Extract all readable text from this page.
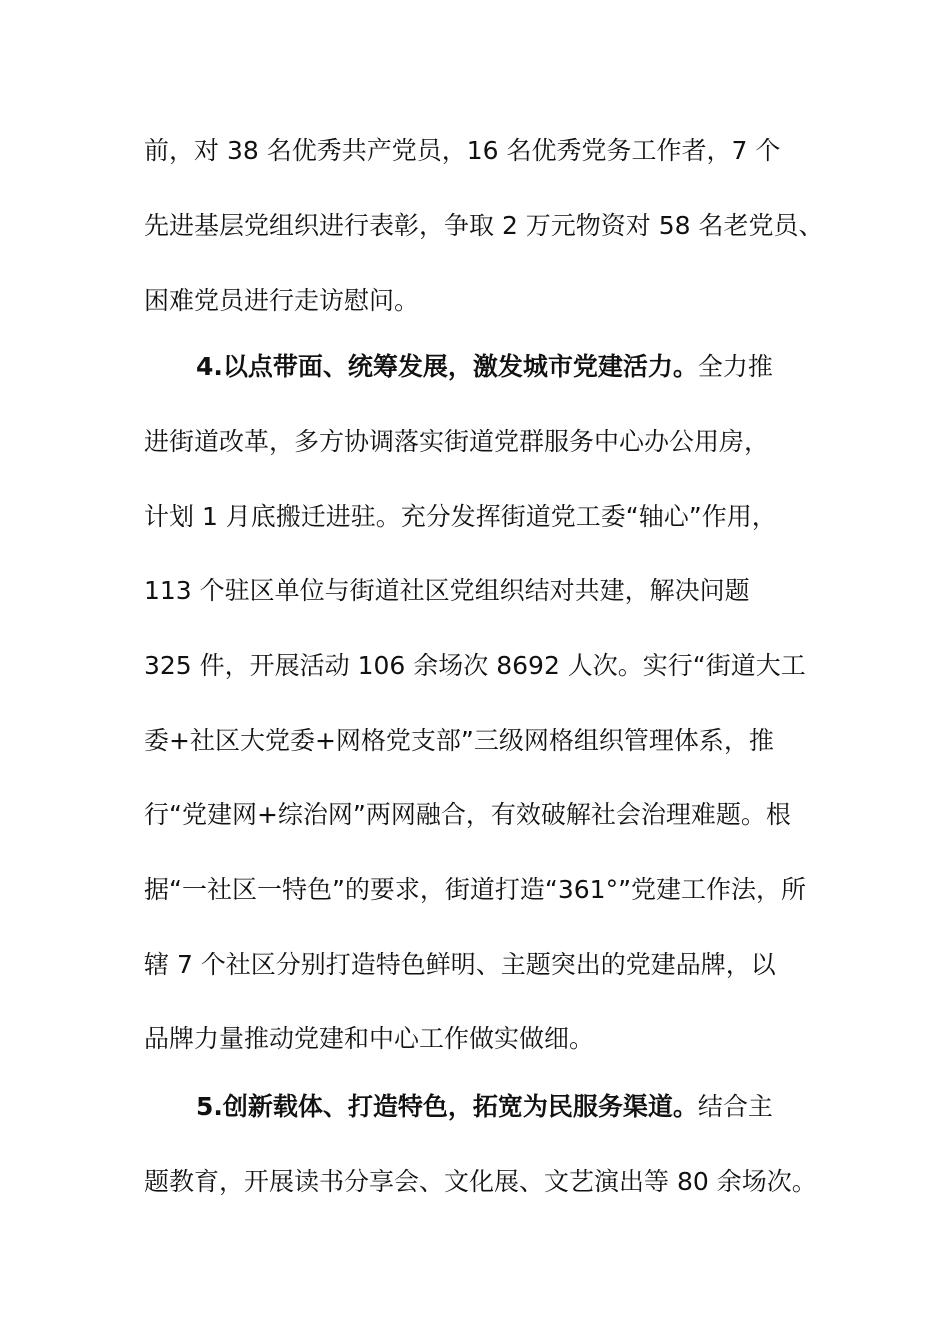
前，对 38 名优秀共产党员，16 名优秀党务工作者，7 个
先进基层党组织进行表彰，争取 2 万元物资对 58 名老党员、
困难党员进行走访慰问。
4.以点带面、统筹发展，激发城市党建活力。全力推
进街道改革，多方协调落实街道党群服务中心办公用房，
计划 1 月底搬迁进驻。充分发挥街道党工委“轴心”作用，
113 个驻区单位与街道社区党组织结对共建，解决问题
325 件，开展活动 106 余场次 8692 人次。实行“街道大工
委+社区大党委+网格党支部”三级网格组织管理体系，推
行“党建网+综治网”两网融合，有效破解社会治理难题。根
据“一社区一特色”的要求，街道打造“361°”党建工作法，所
辖 7 个社区分别打造特色鲜明、主题突出的党建品牌，以
品牌力量推动党建和中心工作做实做细。
5.创新载体、打造特色，拓宽为民服务渠道。结合主
题教育，开展读书分享会、文化展、文艺演出等 80 余场次。
